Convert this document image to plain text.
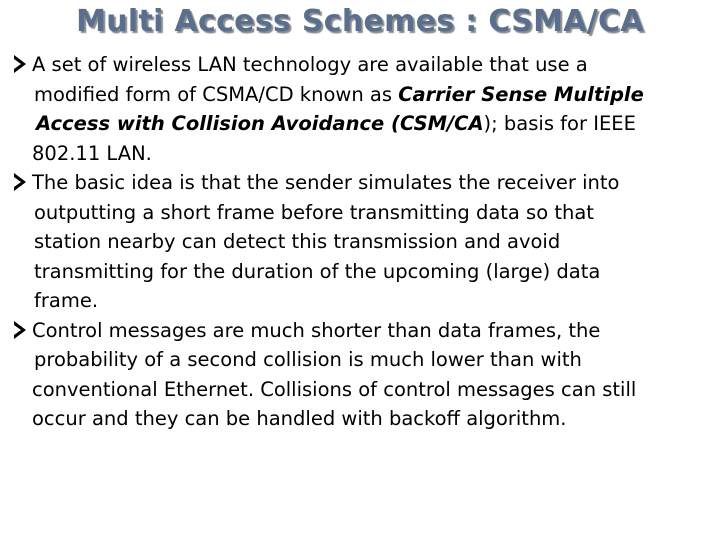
Multi Access Schemes : CSMA/CA
A set of wireless LAN technology are available that use a
modified form of CSMA/CD known as Carrier Sense Multiple
Access with Collision Avoidance (CSM/CA); basis for IEEE
802.11 LAN.
The basic idea is that the sender simulates the receiver into
outputting a short frame before transmitting data so that
station nearby can detect this transmission and avoid
transmitting for the duration of the upcoming (large) data
frame.
Control messages are much shorter than data frames, the
probability of a second collision is much lower than with
conventional Ethernet. Collisions of control messages can still
occur and they can be handled with backoff algorithm.
